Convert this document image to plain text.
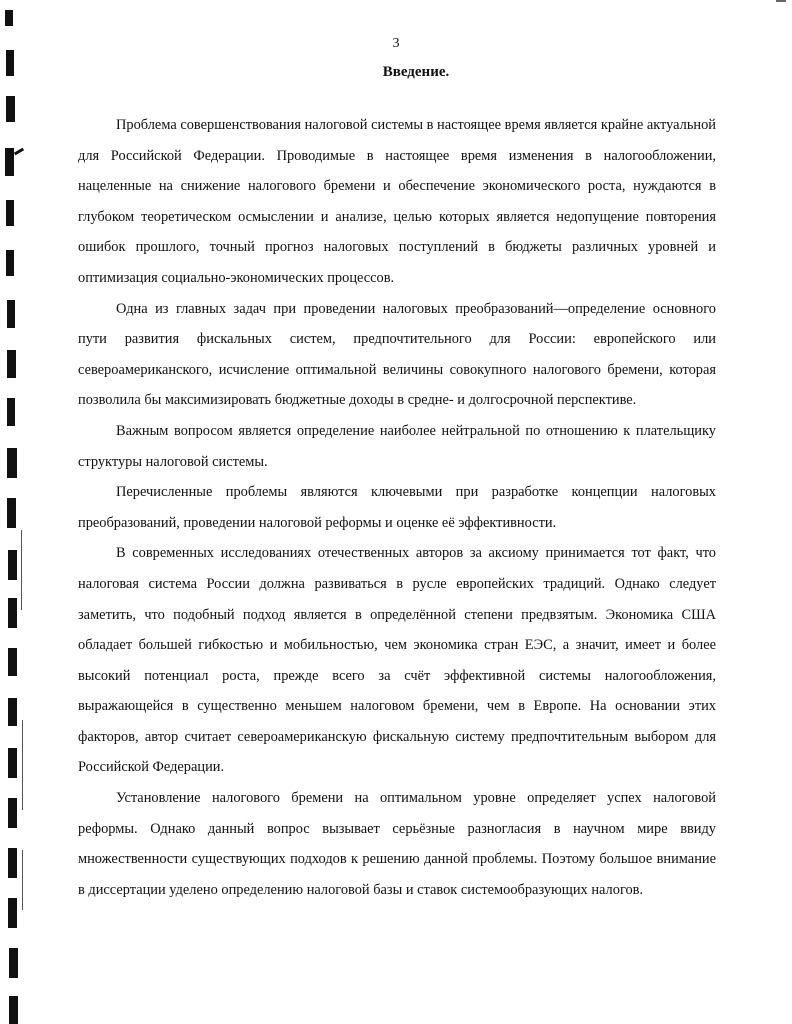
3
Введение.

Проблема совершенствования налоговой системы в настоящее время является крайне актуальной для Российской Федерации. Проводимые в настоящее время изменения в налогообложении, нацеленные на снижение налогового бремени и обеспечение экономического роста, нуждаются в глубоком теоретическом осмыслении и анализе, целью которых является недопущение повторения ошибок прошлого, точный прогноз налоговых поступлений в бюджеты различных уровней и оптимизация социально-экономических процессов.

Одна из главных задач при проведении налоговых преобразований—определение основного пути развития фискальных систем, предпочтительного для России: европейского или североамериканского, исчисление оптимальной величины совокупного налогового бремени, которая позволила бы максимизировать бюджетные доходы в средне- и долгосрочной перспективе.

Важным вопросом является определение наиболее нейтральной по отношению к плательщику структуры налоговой системы.

Перечисленные проблемы являются ключевыми при разработке концепции налоговых преобразований, проведении налоговой реформы и оценке её эффективности.

В современных исследованиях отечественных авторов за аксиому принимается тот факт, что налоговая система России должна развиваться в русле европейских традиций. Однако следует заметить, что подобный подход является в определённой степени предвзятым. Экономика США обладает большей гибкостью и мобильностью, чем экономика стран ЕЭС, а значит, имеет и более высокий потенциал роста, прежде всего за счёт эффективной системы налогообложения, выражающейся в существенно меньшем налоговом бремени, чем в Европе. На основании этих факторов, автор считает североамериканскую фискальную систему предпочтительным выбором для Российской Федерации.

Установление налогового бремени на оптимальном уровне определяет успех налоговой реформы. Однако данный вопрос вызывает серьёзные разногласия в научном мире ввиду множественности существующих подходов к решению данной проблемы. Поэтому большое внимание в диссертации уделено определению налоговой базы и ставок системообразующих налогов.
